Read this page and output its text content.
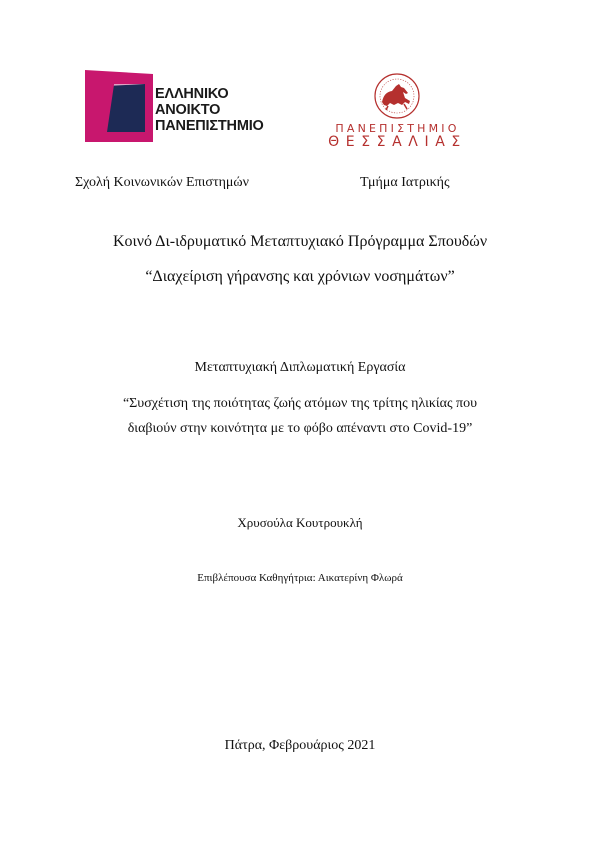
ΕΛΛΗΝΙΚΟ
ΑΝΟΙΚΤΟ
ΠΑΝΕΠΙΣΤΗΜΙΟ	ΠΑΝΕΠΙΣΤΗΜΙΟ
ΘΕΣΣΑΛΙΑΣ
Σχολή Κοινωνικών Επιστημών	Τμήμα Ιατρικής
Κοινό Δι-ιδρυματικό Μεταπτυχιακό Πρόγραμμα Σπουδών
“Διαχείριση γήρανσης και χρόνιων νοσημάτων”
Μεταπτυχιακή Διπλωματική Εργασία
“Συσχέτιση της ποιότητας ζωής ατόμων της τρίτης ηλικίας που
διαβιούν στην κοινότητα με το φόβο απέναντι στο Covid-19”
Χρυσούλα Κουτρουκλή
Επιβλέπουσα Καθηγήτρια: Αικατερίνη Φλωρά
Πάτρα, Φεβρουάριος 2021
